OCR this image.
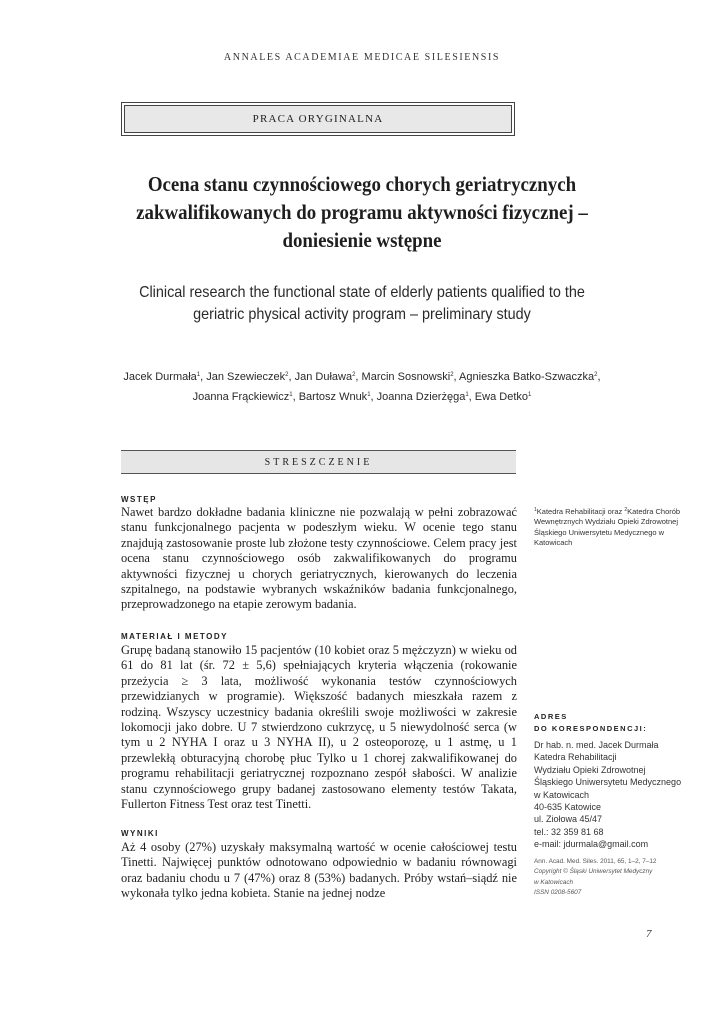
ANNALES ACADEMIAE MEDICAE SILESIENSIS
PRACA ORYGINALNA
Ocena stanu czynnościowego chorych geriatrycznych zakwalifikowanych do programu aktywności fizycznej – doniesienie wstępne
Clinical research the functional state of elderly patients qualified to the geriatric physical activity program – preliminary study
Jacek Durmała$^1$, Jan Szewieczek$^2$, Jan Duława$^2$, Marcin Sosnowski$^2$, Agnieszka Batko-Szwaczka$^2$, Joanna Frąckiewicz$^1$, Bartosz Wnuk$^1$, Joanna Dzierżęga$^1$, Ewa Detko$^1$
STRESZCZENIE
WSTĘP
Nawet bardzo dokładne badania kliniczne nie pozwalają w pełni zobrazować stanu funkcjonalnego pacjenta w podeszłym wieku. W ocenie tego stanu znajdują zastosowanie proste lub złożone testy czynnościowe. Celem pracy jest ocena stanu czynnościowego osób zakwalifikowanych do programu aktywności fizycznej u chorych geriatrycznych, kierowanych do leczenia szpitalnego, na podstawie wybranych wskaźników badania funkcjonalnego, przeprowadzonego na etapie zerowym badania.
MATERIAŁ I METODY
Grupę badaną stanowiło 15 pacjentów (10 kobiet oraz 5 mężczyzn) w wieku od 61 do 81 lat (śr. 72 ± 5,6) spełniających kryteria włączenia (rokowanie przeżycia ≥ 3 lata, możliwość wykonania testów czynnościowych przewidzianych w programie). Większość badanych mieszkała razem z rodziną. Wszyscy uczestnicy badania określili swoje możliwości w zakresie lokomocji jako dobre. U 7 stwierdzono cukrzycę, u 5 niewydolność serca (w tym u 2 NYHA I oraz u 3 NYHA II), u 2 osteoporozę, u 1 astmę, u 1 przewlekłą obturacyjną chorobę płuc Tylko u 1 chorej zakwalifikowanej do programu rehabilitacji geriatrycznej rozpoznano zespół słabości. W analizie stanu czynnościowego grupy badanej zastosowano elementy testów Takata, Fullerton Fitness Test oraz test Tinetti.
WYNIKI
Aż 4 osoby (27%) uzyskały maksymalną wartość w ocenie całościowej testu Tinetti. Najwięcej punktów odnotowano odpowiednio w badaniu równowagi oraz badaniu chodu u 7 (47%) oraz 8 (53%) badanych. Próby wstań–siądź nie wykonała tylko jedna kobieta. Stanie na jednej nodze
$^1$Katedra Rehabilitacji oraz $^2$Katedra Chorób Wewnętrznych Wydziału Opieki Zdrowotnej Śląskiego Uniwersytetu Medycznego w Katowicach
ADRES
DO KORESPONDENCJI:
Dr hab. n. med. Jacek Durmała
Katedra Rehabilitacji
Wydziału Opieki Zdrowotnej
Śląskiego Uniwersytetu Medycznego
w Katowicach
40-635 Katowice
ul. Ziołowa 45/47
tel.: 32 359 81 68
e-mail: jdurmala@gmail.com
Ann. Acad. Med. Siles. 2011, 65, 1–2, 7–12
Copyright © Śląski Uniwersytet Medyczny
w Katowicach
ISSN 0208-5607
7
